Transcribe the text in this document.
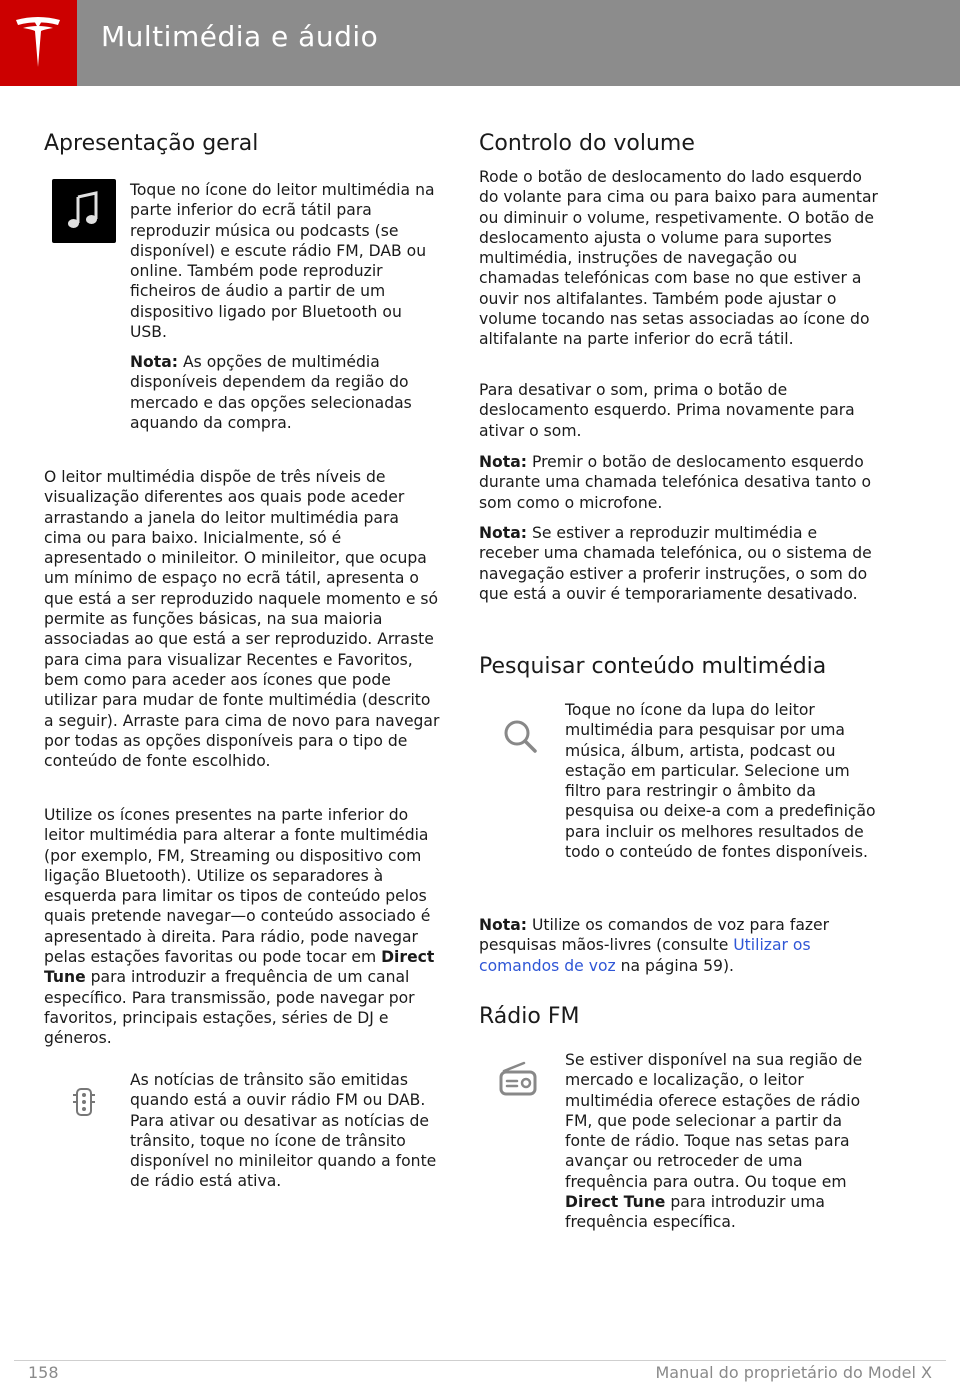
Multimédia e áudio
Apresentação geral

Toque no ícone do leitor multimédia na parte inferior do ecrã tátil para reproduzir música ou podcasts (se disponível) e escute rádio FM, DAB ou online. Também pode reproduzir ficheiros de áudio a partir de um dispositivo ligado por Bluetooth ou USB.

Nota: As opções de multimédia disponíveis dependem da região do mercado e das opções selecionadas aquando da compra.

O leitor multimédia dispõe de três níveis de visualização diferentes aos quais pode aceder arrastando a janela do leitor multimédia para cima ou para baixo. Inicialmente, só é apresentado o minileitor. O minileitor, que ocupa um mínimo de espaço no ecrã tátil, apresenta o que está a ser reproduzido naquele momento e só permite as funções básicas, na sua maioria associadas ao que está a ser reproduzido. Arraste para cima para visualizar Recentes e Favoritos, bem como para aceder aos ícones que pode utilizar para mudar de fonte multimédia (descrito a seguir). Arraste para cima de novo para navegar por todas as opções disponíveis para o tipo de conteúdo de fonte escolhido.

Utilize os ícones presentes na parte inferior do leitor multimédia para alterar a fonte multimédia (por exemplo, FM, Streaming ou dispositivo com ligação Bluetooth). Utilize os separadores à esquerda para limitar os tipos de conteúdo pelos quais pretende navegar—o conteúdo associado é apresentado à direita. Para rádio, pode navegar pelas estações favoritas ou pode tocar em Direct Tune para introduzir a frequência de um canal específico. Para transmissão, pode navegar por favoritos, principais estações, séries de DJ e géneros.

As notícias de trânsito são emitidas quando está a ouvir rádio FM ou DAB. Para ativar ou desativar as notícias de trânsito, toque no ícone de trânsito disponível no minileitor quando a fonte de rádio está ativa.

Controlo do volume

Rode o botão de deslocamento do lado esquerdo do volante para cima ou para baixo para aumentar ou diminuir o volume, respetivamente. O botão de deslocamento ajusta o volume para suportes multimédia, instruções de navegação ou chamadas telefónicas com base no que estiver a ouvir nos altifalantes. Também pode ajustar o volume tocando nas setas associadas ao ícone do altifalante na parte inferior do ecrã tátil.

Para desativar o som, prima o botão de deslocamento esquerdo. Prima novamente para ativar o som.

Nota: Premir o botão de deslocamento esquerdo durante uma chamada telefónica desativa tanto o som como o microfone.

Nota: Se estiver a reproduzir multimédia e receber uma chamada telefónica, ou o sistema de navegação estiver a proferir instruções, o som do que está a ouvir é temporariamente desativado.

Pesquisar conteúdo multimédia

Toque no ícone da lupa do leitor multimédia para pesquisar por uma música, álbum, artista, podcast ou estação em particular. Selecione um filtro para restringir o âmbito da pesquisa ou deixe-a com a predefinição para incluir os melhores resultados de todo o conteúdo de fontes disponíveis.

Nota: Utilize os comandos de voz para fazer pesquisas mãos-livres (consulte Utilizar os comandos de voz na página 59).

Rádio FM

Se estiver disponível na sua região de mercado e localização, o leitor multimédia oferece estações de rádio FM, que pode selecionar a partir da fonte de rádio. Toque nas setas para avançar ou retroceder de uma frequência para outra. Ou toque em Direct Tune para introduzir uma frequência específica.

158	Manual do proprietário do Model X
